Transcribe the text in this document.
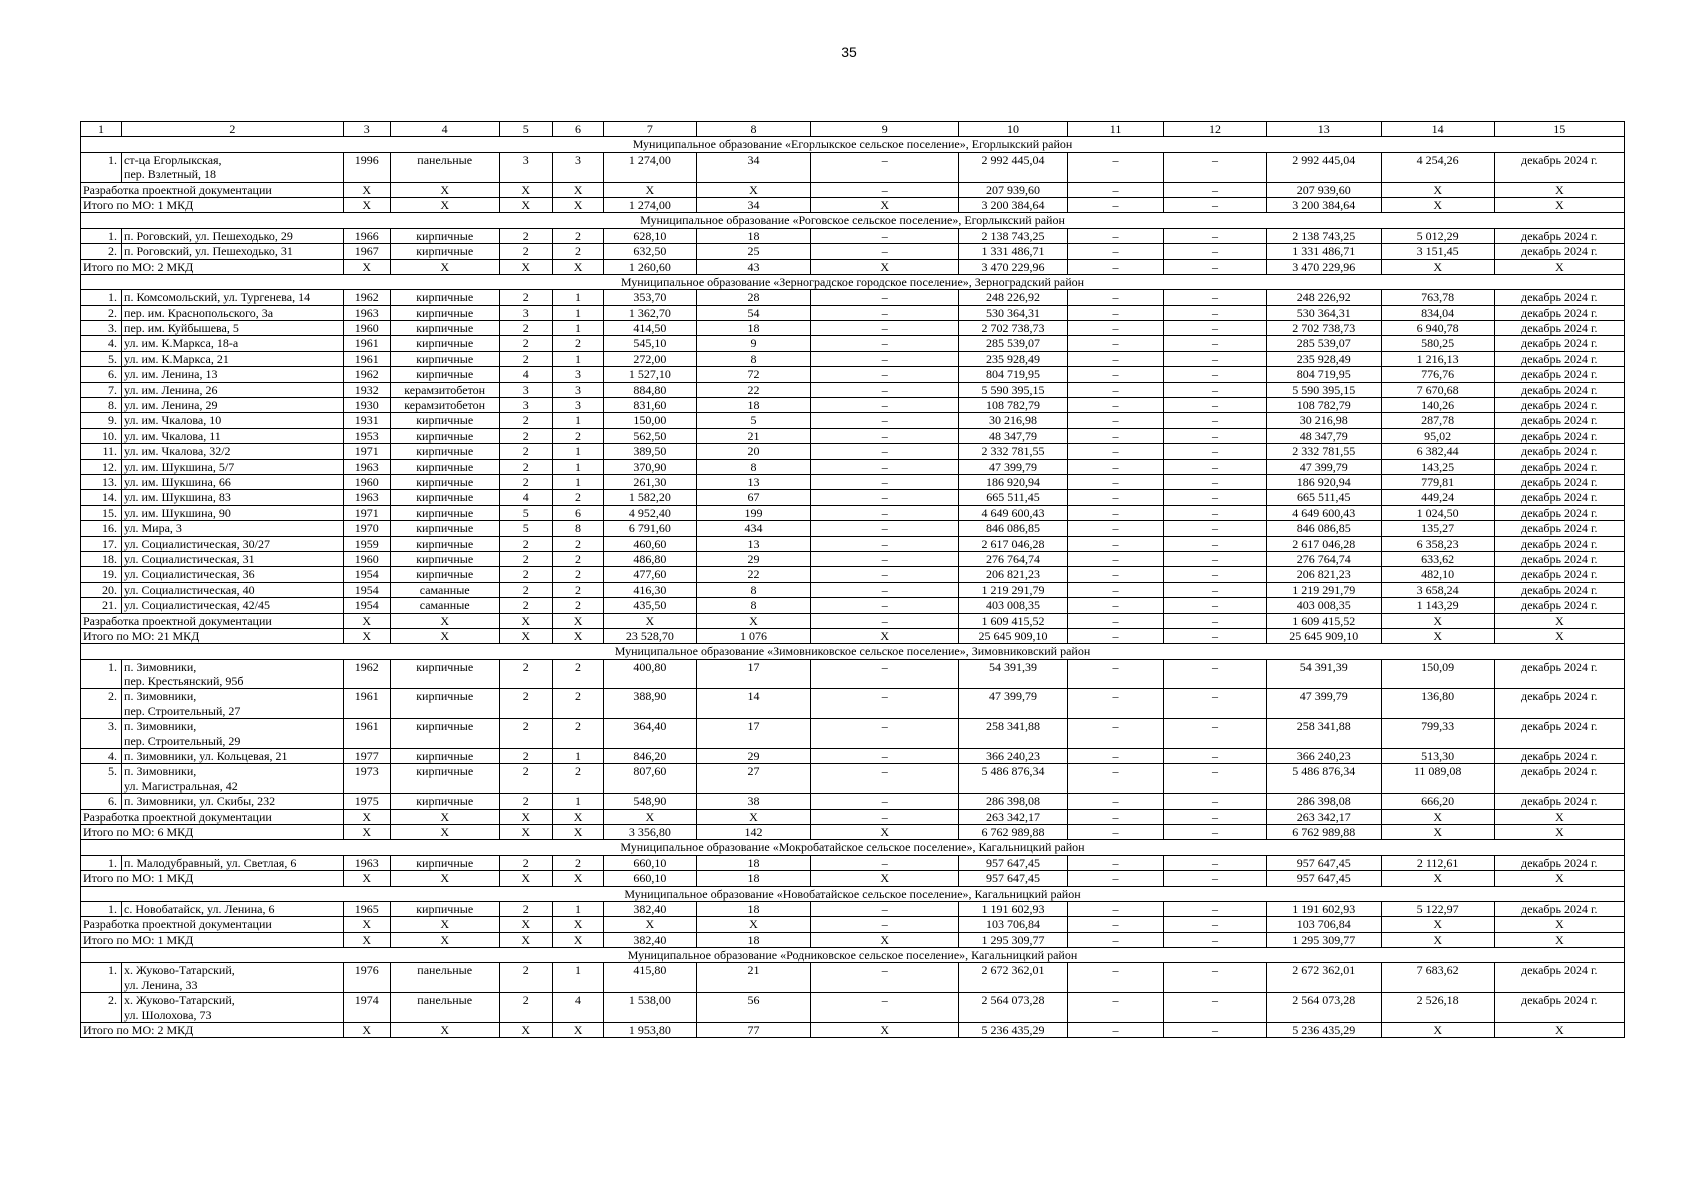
35
1	2	3	4	5	6	7	8	9	10	11	12	13	14	15
Муниципальное образование «Егорлыкское сельское поселение», Егорлыкский район														
1.	ст-ца Егорлыкская,
пер. Взлетный, 18	1996	панельные	3	3	1 274,00	34	–	2 992 445,04	–	–	2 992 445,04	4 254,26	декабрь 2024 г.
Разработка проектной документации		X	X	X	X	X	X	–	207 939,60	–	–	207 939,60	X	X
Итого по МО: 1 МКД		X	X	X	X	1 274,00	34	X	3 200 384,64	–	–	3 200 384,64	X	X
Муниципальное образование «Роговское сельское поселение», Егорлыкский район														
1.	п. Роговский, ул. Пешеходько, 29	1966	кирпичные	2	2	628,10	18	–	2 138 743,25	–	–	2 138 743,25	5 012,29	декабрь 2024 г.
2.	п. Роговский, ул. Пешеходько, 31	1967	кирпичные	2	2	632,50	25	–	1 331 486,71	–	–	1 331 486,71	3 151,45	декабрь 2024 г.
Итого по МО: 2 МКД		X	X	X	X	1 260,60	43	X	3 470 229,96	–	–	3 470 229,96	X	X
Муниципальное образование «Зерноградское городское поселение», Зерноградский район														
1.	п. Комсомольский, ул. Тургенева, 14	1962	кирпичные	2	1	353,70	28	–	248 226,92	–	–	248 226,92	763,78	декабрь 2024 г.
2.	пер. им. Краснопольского, 3а	1963	кирпичные	3	1	1 362,70	54	–	530 364,31	–	–	530 364,31	834,04	декабрь 2024 г.
3.	пер. им. Куйбышева, 5	1960	кирпичные	2	1	414,50	18	–	2 702 738,73	–	–	2 702 738,73	6 940,78	декабрь 2024 г.
4.	ул. им. К.Маркса, 18-а	1961	кирпичные	2	2	545,10	9	–	285 539,07	–	–	285 539,07	580,25	декабрь 2024 г.
5.	ул. им. К.Маркса, 21	1961	кирпичные	2	1	272,00	8	–	235 928,49	–	–	235 928,49	1 216,13	декабрь 2024 г.
6.	ул. им. Ленина, 13	1962	кирпичные	4	3	1 527,10	72	–	804 719,95	–	–	804 719,95	776,76	декабрь 2024 г.
7.	ул. им. Ленина, 26	1932	керамзитобетон	3	3	884,80	22	–	5 590 395,15	–	–	5 590 395,15	7 670,68	декабрь 2024 г.
8.	ул. им. Ленина, 29	1930	керамзитобетон	3	3	831,60	18	–	108 782,79	–	–	108 782,79	140,26	декабрь 2024 г.
9.	ул. им. Чкалова, 10	1931	кирпичные	2	1	150,00	5	–	30 216,98	–	–	30 216,98	287,78	декабрь 2024 г.
10.	ул. им. Чкалова, 11	1953	кирпичные	2	2	562,50	21	–	48 347,79	–	–	48 347,79	95,02	декабрь 2024 г.
11.	ул. им. Чкалова, 32/2	1971	кирпичные	2	1	389,50	20	–	2 332 781,55	–	–	2 332 781,55	6 382,44	декабрь 2024 г.
12.	ул. им. Шукшина, 5/7	1963	кирпичные	2	1	370,90	8	–	47 399,79	–	–	47 399,79	143,25	декабрь 2024 г.
13.	ул. им. Шукшина, 66	1960	кирпичные	2	1	261,30	13	–	186 920,94	–	–	186 920,94	779,81	декабрь 2024 г.
14.	ул. им. Шукшина, 83	1963	кирпичные	4	2	1 582,20	67	–	665 511,45	–	–	665 511,45	449,24	декабрь 2024 г.
15.	ул. им. Шукшина, 90	1971	кирпичные	5	6	4 952,40	199	–	4 649 600,43	–	–	4 649 600,43	1 024,50	декабрь 2024 г.
16.	ул. Мира, 3	1970	кирпичные	5	8	6 791,60	434	–	846 086,85	–	–	846 086,85	135,27	декабрь 2024 г.
17.	ул. Социалистическая, 30/27	1959	кирпичные	2	2	460,60	13	–	2 617 046,28	–	–	2 617 046,28	6 358,23	декабрь 2024 г.
18.	ул. Социалистическая, 31	1960	кирпичные	2	2	486,80	29	–	276 764,74	–	–	276 764,74	633,62	декабрь 2024 г.
19.	ул. Социалистическая, 36	1954	кирпичные	2	2	477,60	22	–	206 821,23	–	–	206 821,23	482,10	декабрь 2024 г.
20.	ул. Социалистическая, 40	1954	саманные	2	2	416,30	8	–	1 219 291,79	–	–	1 219 291,79	3 658,24	декабрь 2024 г.
21.	ул. Социалистическая, 42/45	1954	саманные	2	2	435,50	8	–	403 008,35	–	–	403 008,35	1 143,29	декабрь 2024 г.
Разработка проектной документации		X	X	X	X	X	X	–	1 609 415,52	–	–	1 609 415,52	X	X
Итого по МО: 21 МКД		X	X	X	X	23 528,70	1 076	X	25 645 909,10	–	–	25 645 909,10	X	X
Муниципальное образование «Зимовниковское сельское поселение», Зимовниковский район														
1.	п. Зимовники,
пер. Крестьянский, 95б	1962	кирпичные	2	2	400,80	17	–	54 391,39	–	–	54 391,39	150,09	декабрь 2024 г.
2.	п. Зимовники,
пер. Строительный, 27	1961	кирпичные	2	2	388,90	14	–	47 399,79	–	–	47 399,79	136,80	декабрь 2024 г.
3.	п. Зимовники,
пер. Строительный, 29	1961	кирпичные	2	2	364,40	17	–	258 341,88	–	–	258 341,88	799,33	декабрь 2024 г.
4.	п. Зимовники, ул. Кольцевая, 21	1977	кирпичные	2	1	846,20	29	–	366 240,23	–	–	366 240,23	513,30	декабрь 2024 г.
5.	п. Зимовники,
ул. Магистральная, 42	1973	кирпичные	2	2	807,60	27	–	5 486 876,34	–	–	5 486 876,34	11 089,08	декабрь 2024 г.
6.	п. Зимовники, ул. Скибы, 232	1975	кирпичные	2	1	548,90	38	–	286 398,08	–	–	286 398,08	666,20	декабрь 2024 г.
Разработка проектной документации		X	X	X	X	X	X	–	263 342,17	–	–	263 342,17	X	X
Итого по МО: 6 МКД		X	X	X	X	3 356,80	142	X	6 762 989,88	–	–	6 762 989,88	X	X
Муниципальное образование «Мокробатайское сельское поселение», Кагальницкий район														
1.	п. Малодубравный, ул. Светлая, 6	1963	кирпичные	2	2	660,10	18	–	957 647,45	–	–	957 647,45	2 112,61	декабрь 2024 г.
Итого по МО: 1 МКД		X	X	X	X	660,10	18	X	957 647,45	–	–	957 647,45	X	X
Муниципальное образование «Новобатайское сельское поселение», Кагальницкий район														
1.	с. Новобатайск, ул. Ленина, 6	1965	кирпичные	2	1	382,40	18	–	1 191 602,93	–	–	1 191 602,93	5 122,97	декабрь 2024 г.
Разработка проектной документации		X	X	X	X	X	X	–	103 706,84	–	–	103 706,84	X	X
Итого по МО: 1 МКД		X	X	X	X	382,40	18	X	1 295 309,77	–	–	1 295 309,77	X	X
Муниципальное образование «Родниковское сельское поселение», Кагальницкий район														
1.	х. Жуково-Татарский,
ул. Ленина, 33	1976	панельные	2	1	415,80	21	–	2 672 362,01	–	–	2 672 362,01	7 683,62	декабрь 2024 г.
2.	х. Жуково-Татарский,
ул. Шолохова, 73	1974	панельные	2	4	1 538,00	56	–	2 564 073,28	–	–	2 564 073,28	2 526,18	декабрь 2024 г.
Итого по МО: 2 МКД		X	X	X	X	1 953,80	77	X	5 236 435,29	–	–	5 236 435,29	X	X
